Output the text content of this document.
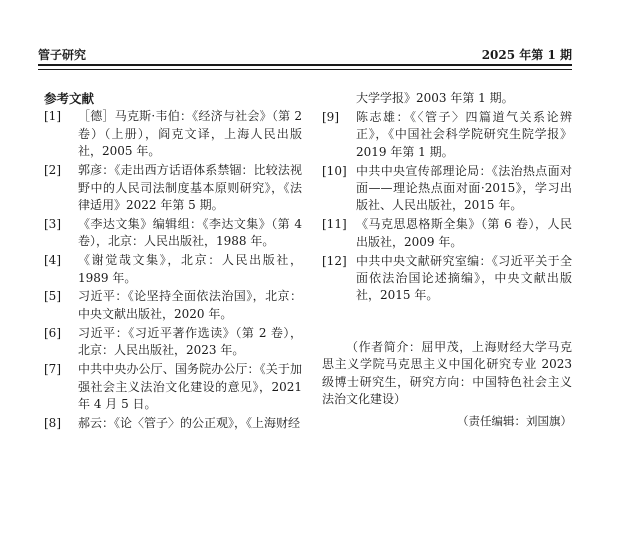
管子研究	2025 年第 1 期
参考文献
[1]	［德］马克斯·韦伯：《经济与社会》（第 2 卷）（上册），阎克文译，上海人民出版社，2005 年。
[2]	郭彦：《走出西方话语体系禁锢：比较法视野中的人民司法制度基本原则研究》，《法律适用》2022 年第 5 期。
[3]	《李达文集》编辑组：《李达文集》（第 4 卷），北京：人民出版社，1988 年。
[4]	《谢觉哉文集》，北京：人民出版社，1989 年。
[5]	习近平：《论坚持全面依法治国》，北京：中央文献出版社，2020 年。
[6]	习近平：《习近平著作选读》（第 2 卷），北京：人民出版社，2023 年。
[7]	中共中央办公厅、国务院办公厅：《关于加强社会主义法治文化建设的意见》，2021 年 4 月 5 日。
[8]	郝云：《论〈管子〉的公正观》，《上海财经
大学学报》2003 年第 1 期。
[9]	陈志雄：《〈管子〉四篇道气关系论辨正》，《中国社会科学院研究生院学报》2019 年第 1 期。
[10] 中共中央宣传部理论局：《法治热点面对面——理论热点面对面·2015》，学习出版社、人民出版社，2015 年。
[11] 《马克思恩格斯全集》（第 6 卷），人民出版社，2009 年。
[12] 中共中央文献研究室编：《习近平关于全面依法治国论述摘编》，中央文献出版社，2015 年。
（作者简介：屈甲茂，上海财经大学马克思主义学院马克思主义中国化研究专业 2023 级博士研究生，研究方向：中国特色社会主义法治文化建设）
（责任编辑：刘国旗）
